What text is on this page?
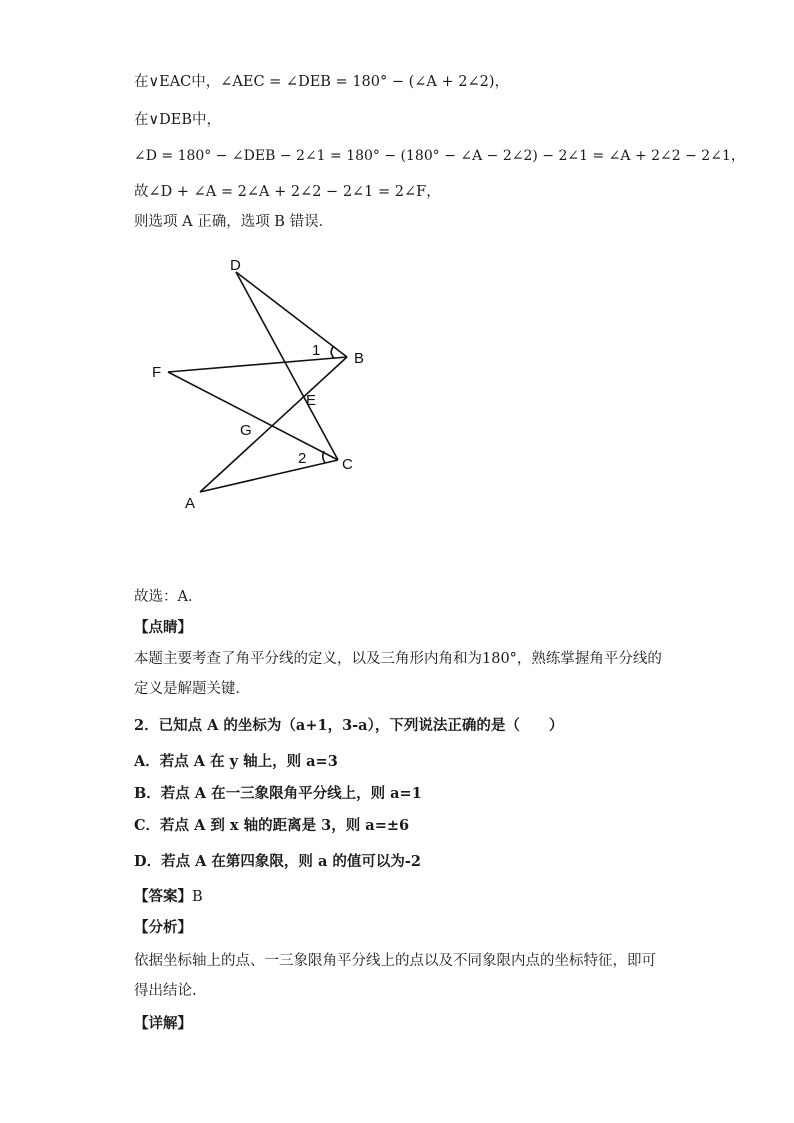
在∨EAC中，∠AEC = ∠DEB = 180° − (∠A + 2∠2)，
在∨DEB中，
∠D = 180° − ∠DEB − 2∠1 = 180° − (180° − ∠A − 2∠2) − 2∠1 = ∠A + 2∠2 − 2∠1，
故∠D + ∠A = 2∠A + 2∠2 − 2∠1 = 2∠F，
则选项 A 正确，选项 B 错误．
D
B
F
E
G
C
A
1
2
故选：A．
【点睛】
本题主要考查了角平分线的定义，以及三角形内角和为180°，熟练掌握角平分线的定义是解题关键．
2．已知点 A 的坐标为（a+1，3-a），下列说法正确的是（　　）
A．若点 A 在 y 轴上，则 a=3
B．若点 A 在一三象限角平分线上，则 a=1
C．若点 A 到 x 轴的距离是 3，则 a=±6
D．若点 A 在第四象限，则 a 的值可以为-2
【答案】B
【分析】
依据坐标轴上的点、一三象限角平分线上的点以及不同象限内点的坐标特征，即可得出结论.
【详解】
